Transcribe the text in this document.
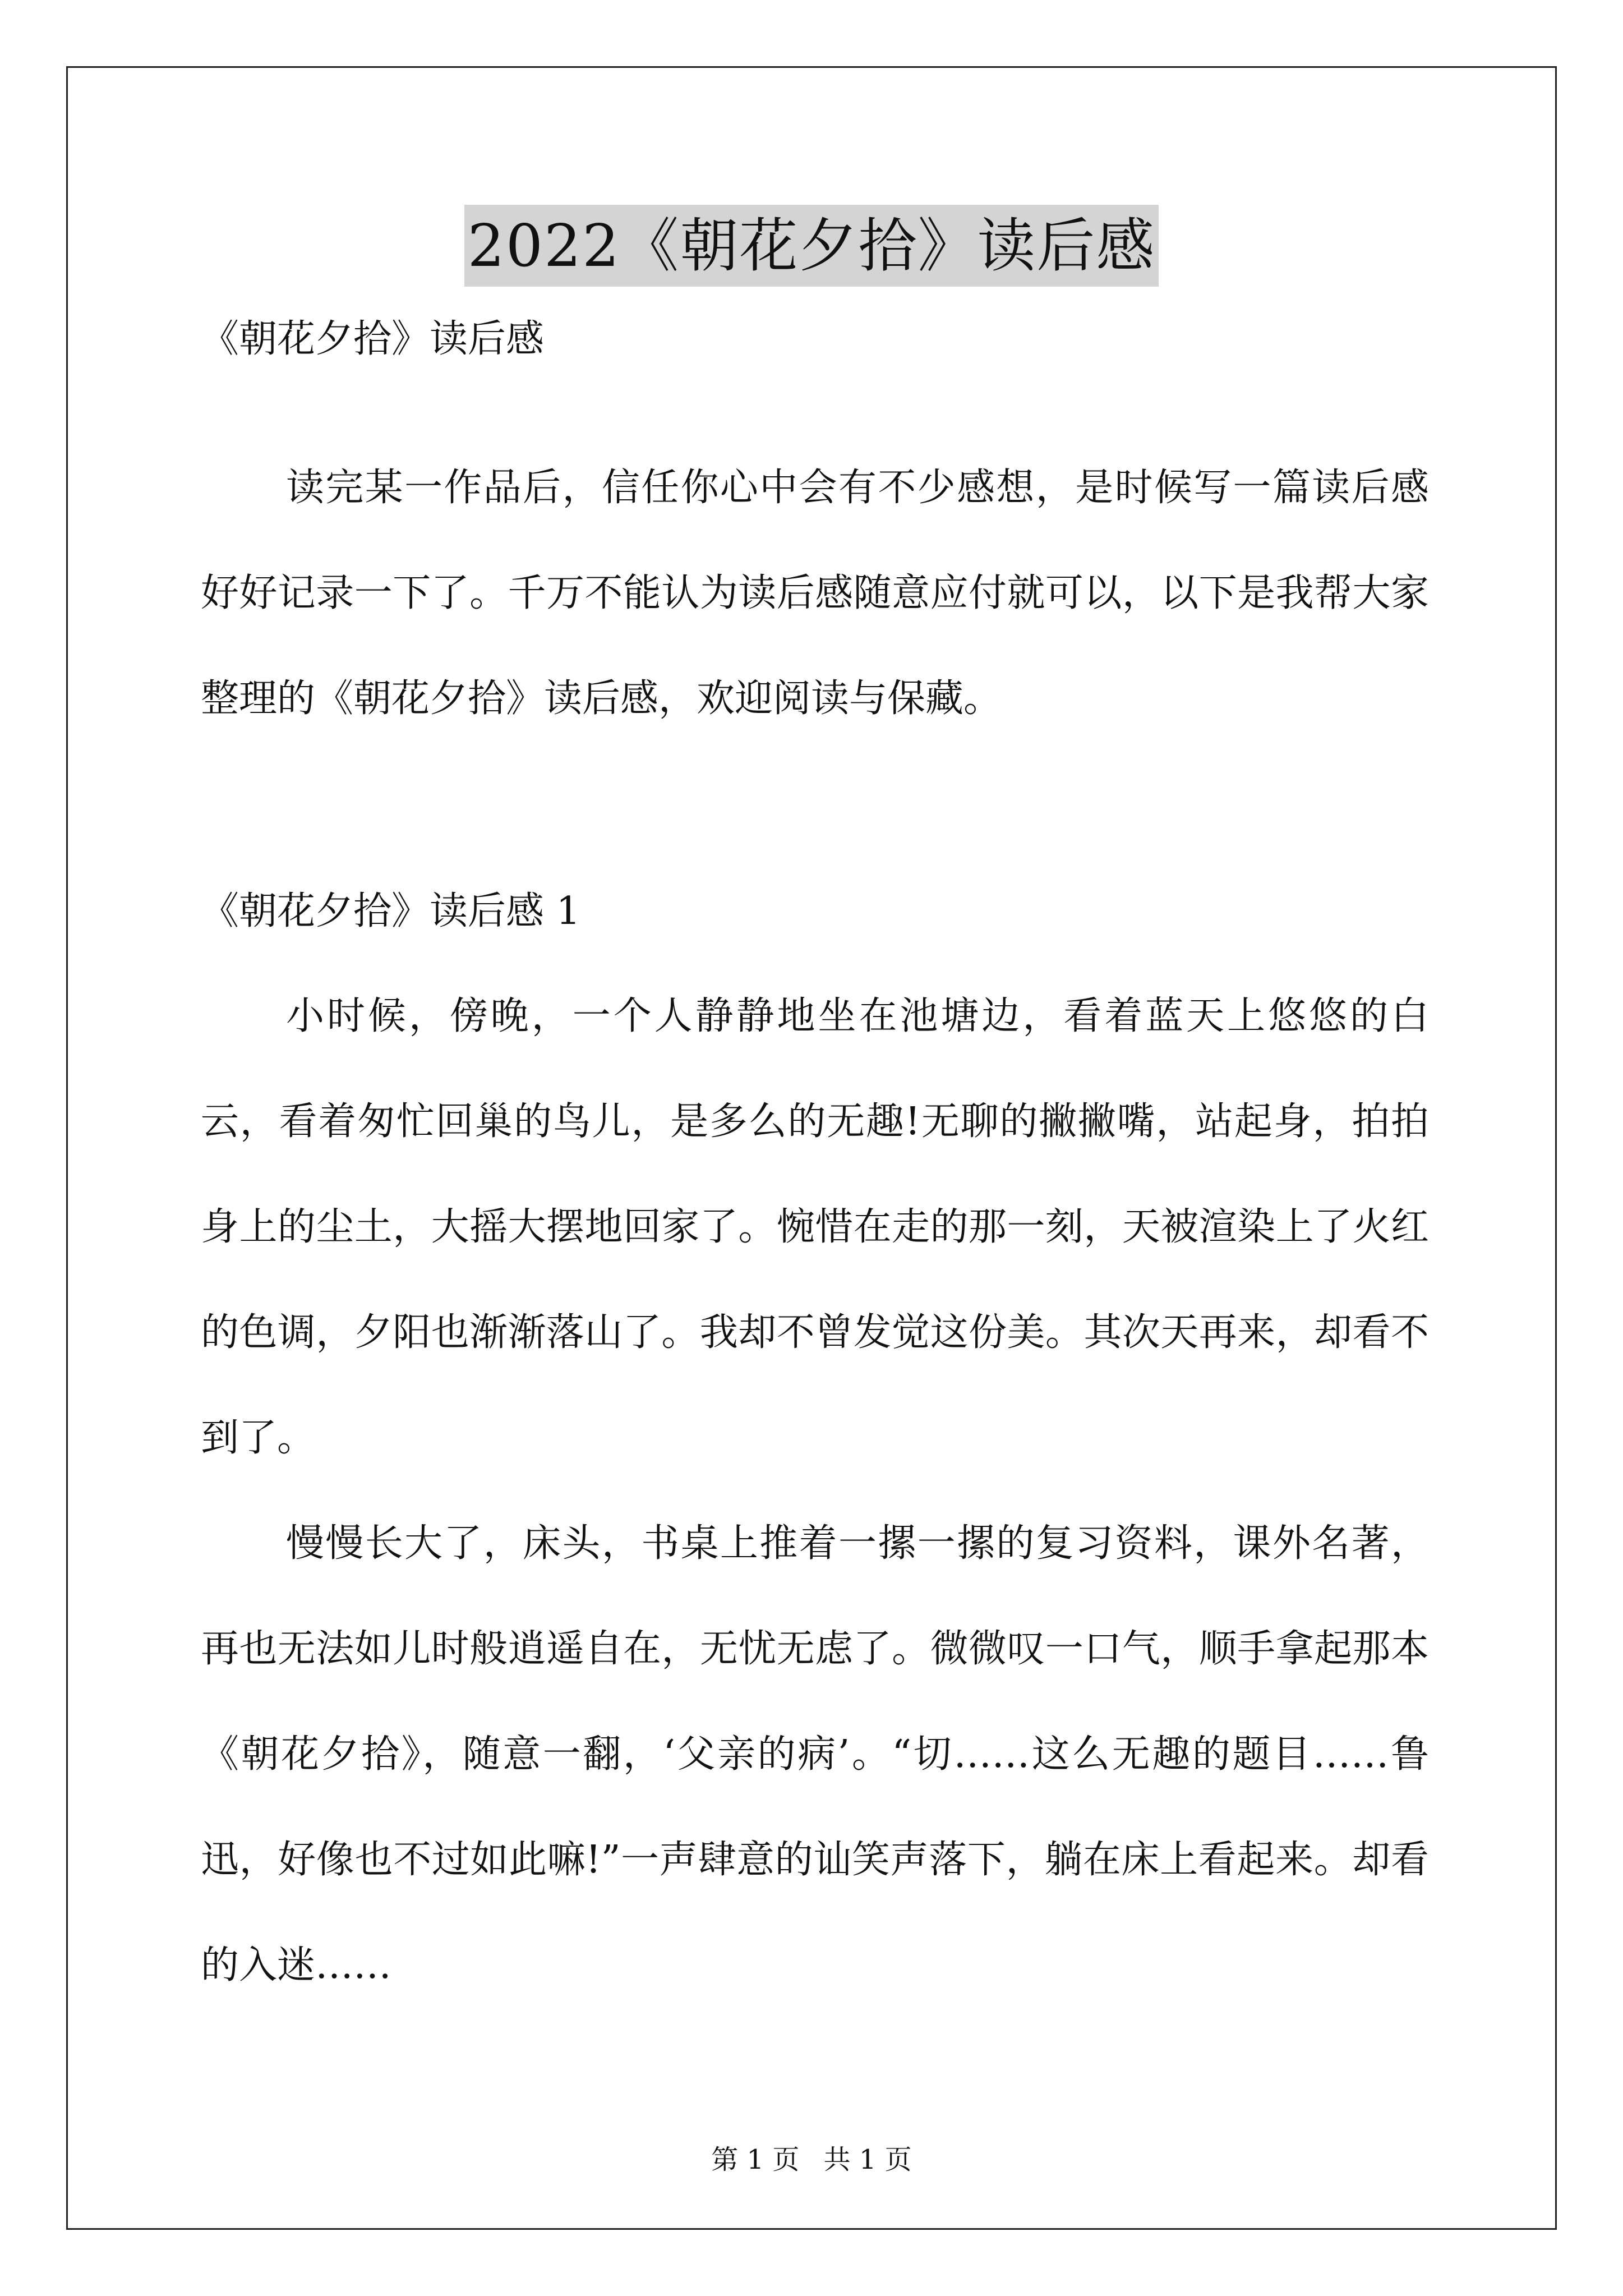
2022《朝花夕拾》读后感
《朝花夕拾》读后感
读完某一作品后，信任你心中会有不少感想，是时候写一篇读后感好好记录一下了。千万不能认为读后感随意应付就可以，以下是我帮大家整理的《朝花夕拾》读后感，欢迎阅读与保藏。
《朝花夕拾》读后感 1
小时候，傍晚，一个人静静地坐在池塘边，看着蓝天上悠悠的白云，看着匆忙回巢的鸟儿，是多么的无趣!无聊的撇撇嘴，站起身，拍拍身上的尘土，大摇大摆地回家了。惋惜在走的那一刻，天被渲染上了火红的色调，夕阳也渐渐落山了。我却不曾发觉这份美。其次天再来，却看不到了。
慢慢长大了，床头，书桌上推着一摞一摞的复习资料，课外名著，再也无法如儿时般逍遥自在，无忧无虑了。微微叹一口气，顺手拿起那本《朝花夕拾》，随意一翻，‘父亲的病’。“切……这么无趣的题目……鲁迅，好像也不过如此嘛!”一声肆意的讪笑声落下，躺在床上看起来。却看的入迷……
第 1 页 共 1 页
